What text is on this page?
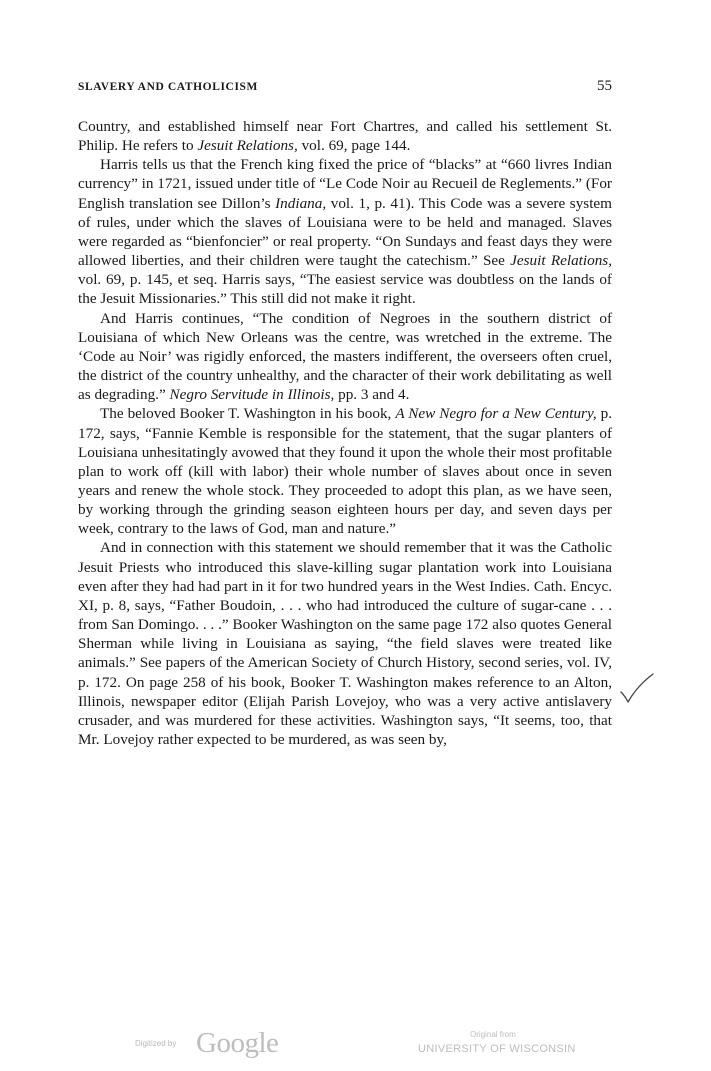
SLAVERY AND CATHOLICISM	55

Country, and established himself near Fort Chartres, and called his settlement St. Philip. He refers to Jesuit Relations, vol. 69, page 144.

Harris tells us that the French king fixed the price of “blacks” at “660 livres Indian currency” in 1721, issued under title of “Le Code Noir au Recueil de Reglements.” (For English translation see Dillon’s Indiana, vol. 1, p. 41). This Code was a severe system of rules, under which the slaves of Louisiana were to be held and managed. Slaves were regarded as “bienfoncier” or real property. “On Sundays and feast days they were allowed liberties, and their children were taught the catechism.” See Jesuit Relations, vol. 69, p. 145, et seq. Harris says, “The easiest service was doubtless on the lands of the Jesuit Missionaries.” This still did not make it right.

And Harris continues, “The condition of Negroes in the southern district of Louisiana of which New Orleans was the centre, was wretched in the extreme. The ‘Code au Noir’ was rigidly enforced, the masters indifferent, the overseers often cruel, the district of the country unhealthy, and the character of their work debilitating as well as degrading.” Negro Servitude in Illinois, pp. 3 and 4.

The beloved Booker T. Washington in his book, A New Negro for a New Century, p. 172, says, “Fannie Kemble is responsible for the statement, that the sugar planters of Louisiana unhesitatingly avowed that they found it upon the whole their most profitable plan to work off (kill with labor) their whole number of slaves about once in seven years and renew the whole stock. They proceeded to adopt this plan, as we have seen, by working through the grinding season eighteen hours per day, and seven days per week, contrary to the laws of God, man and nature.”

And in connection with this statement we should remember that it was the Catholic Jesuit Priests who introduced this slave-killing sugar plantation work into Louisiana even after they had had part in it for two hundred years in the West Indies. Cath. Encyc. XI, p. 8, says, “Father Boudoin, . . . who had introduced the culture of sugar-cane . . . from San Domingo. . . .” Booker Washington on the same page 172 also quotes General Sherman while living in Louisiana as saying, “the field slaves were treated like animals.” See papers of the American Society of Church History, second series, vol. IV, p. 172. On page 258 of his book, Booker T. Washington makes reference to an Alton, Illinois, newspaper editor (Elijah Parish Lovejoy, who was a very active antislavery crusader, and was murdered for these activities. Washington says, “It seems, too, that Mr. Lovejoy rather expected to be murdered, as was seen by,

Digitized by Google	Original from
UNIVERSITY OF WISCONSIN
